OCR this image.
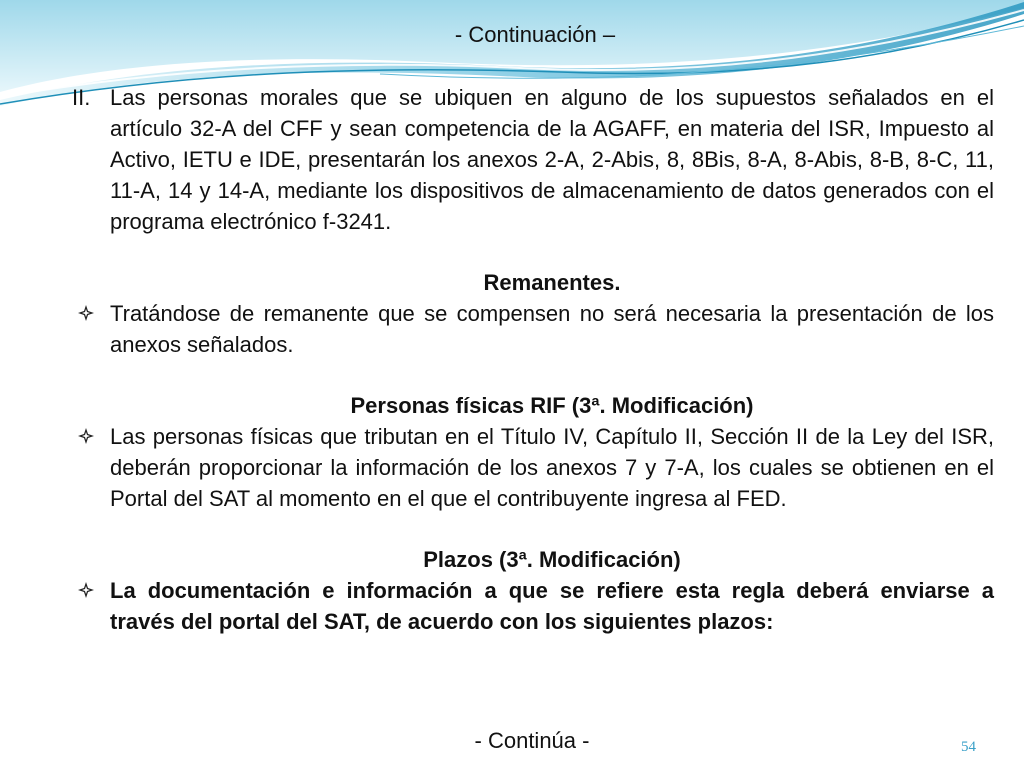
- Continuación –
II. Las personas morales que se ubiquen en alguno de los supuestos señalados en el artículo 32-A del CFF y sean competencia de la AGAFF, en materia del ISR, Impuesto al Activo, IETU e IDE, presentarán los anexos 2-A, 2-Abis, 8, 8Bis, 8-A, 8-Abis, 8-B, 8-C, 11, 11-A, 14 y 14-A, mediante los dispositivos de almacenamiento de datos generados con el programa electrónico f-3241.
Remanentes.
Tratándose de remanente que se compensen no será necesaria la presentación de los anexos señalados.
Personas físicas RIF (3ª. Modificación)
Las personas físicas que tributan en el Título IV, Capítulo II, Sección II de la Ley del ISR, deberán proporcionar la información de los anexos 7 y 7-A, los cuales se obtienen en el Portal del SAT al momento en el que el contribuyente ingresa al FED.
Plazos (3ª. Modificación)
La documentación e información a que se refiere esta regla deberá enviarse a través del portal del SAT, de acuerdo con los siguientes plazos:
- Continúa -	54
